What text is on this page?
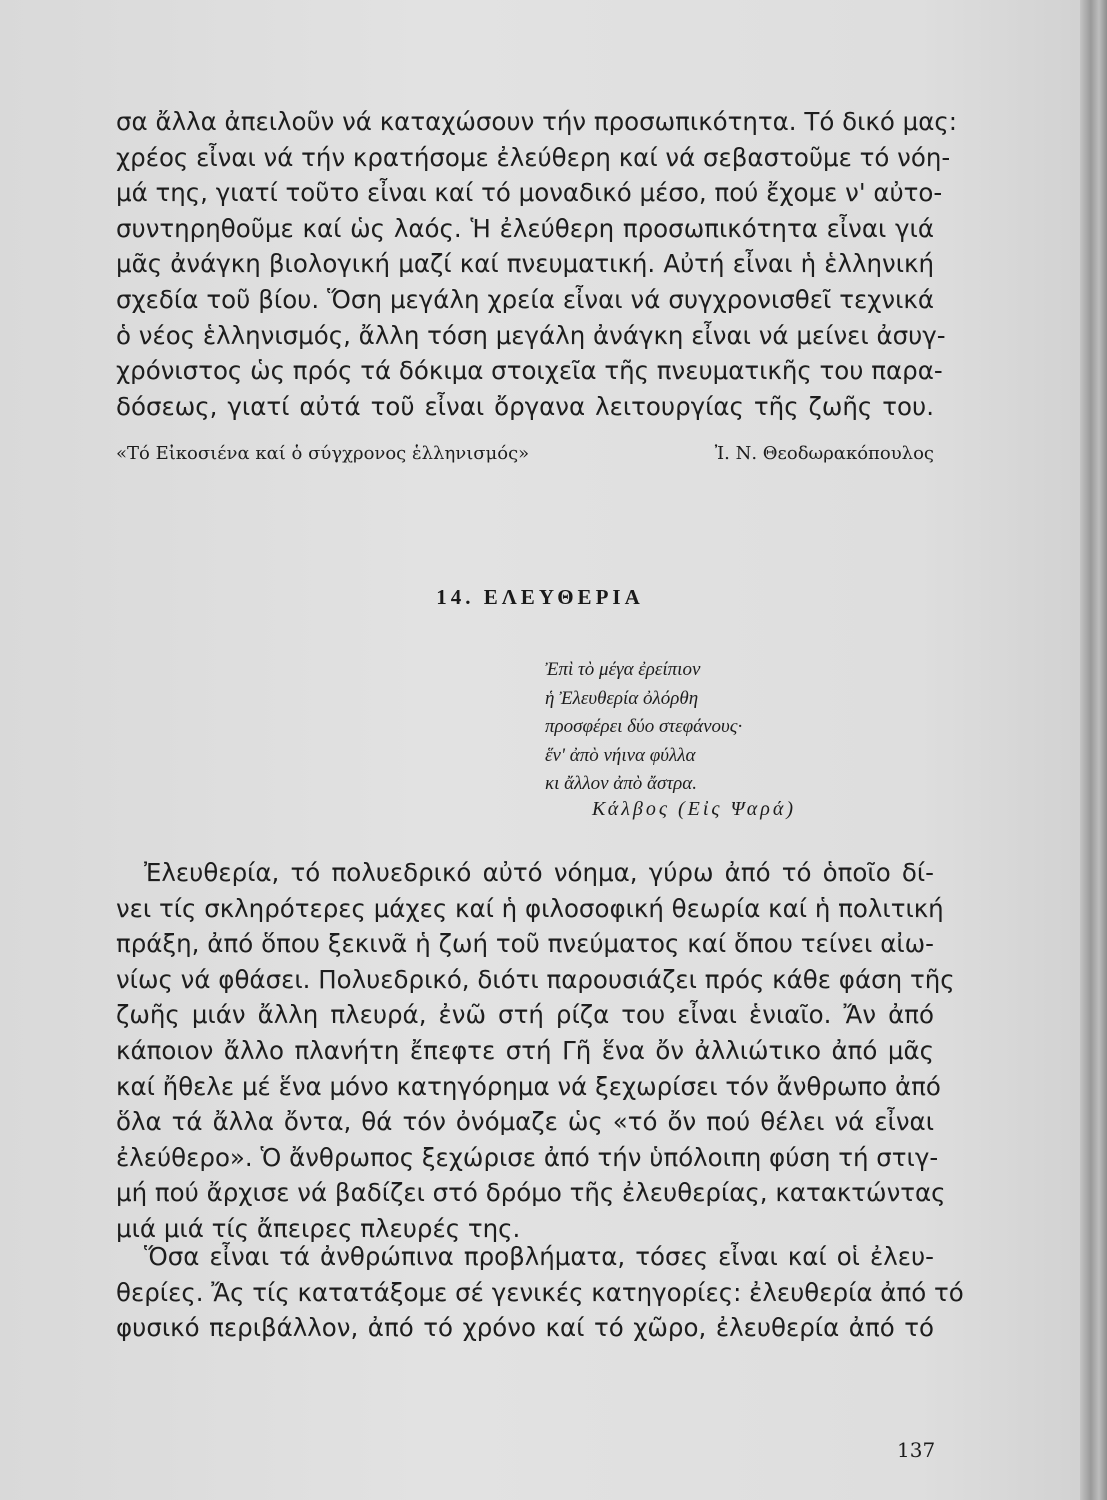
σα ἄλλα ἀπειλοῦν νά καταχώσουν τήν προσωπικότητα. Τό δικό μας:
χρέος εἶναι νά τήν κρατήσομε ἐλεύθερη καί νά σεβαστοῦμε τό νόη-
μά της, γιατί τοῦτο εἶναι καί τό μοναδικό μέσο, πού ἔχομε ν' αὐτο-
συντηρηθοῦμε καί ὡς λαός. Ἡ ἐλεύθερη προσωπικότητα εἶναι γιά
μᾶς ἀνάγκη βιολογική μαζί καί πνευματική. Αὐτή εἶναι ἡ ἑλληνική
σχεδία τοῦ βίου. Ὅση μεγάλη χρεία εἶναι νά συγχρονισθεῖ τεχνικά
ὁ νέος ἑλληνισμός, ἄλλη τόση μεγάλη ἀνάγκη εἶναι νά μείνει ἀσυγ-
χρόνιστος ὡς πρός τά δόκιμα στοιχεῖα τῆς πνευματικῆς του παρα-
δόσεως, γιατί αὐτά τοῦ εἶναι ὄργανα λειτουργίας τῆς ζωῆς του.
«Τό Εἰκοσιένα καί ὁ σύγχρονος ἑλληνισμός»	Ἰ. Ν. Θεοδωρακόπουλος
14. ΕΛΕΥΘΕΡΙΑ
Ἐπὶ τὸ μέγα ἐρείπιον
ἡ Ἐλευθερία ὀλόρθη
προσφέρει δύο στεφάνους·
ἕν' ἀπὸ νήινα φύλλα
κι ἄλλον ἀπὸ ἄστρα.
Κάλβος (Εἰς Ψαρά)
Ἐλευθερία, τό πολυεδρικό αὐτό νόημα, γύρω ἀπό τό ὁποῖο δί-
νει τίς σκληρότερες μάχες καί ἡ φιλοσοφική θεωρία καί ἡ πολιτική
πράξη, ἀπό ὅπου ξεκινᾶ ἡ ζωή τοῦ πνεύματος καί ὅπου τείνει αἰω-
νίως νά φθάσει. Πολυεδρικό, διότι παρουσιάζει πρός κάθε φάση τῆς
ζωῆς μιάν ἄλλη πλευρά, ἐνῶ στή ρίζα του εἶναι ἑνιαῖο. Ἄν ἀπό
κάποιον ἄλλο πλανήτη ἔπεφτε στή Γῆ ἕνα ὄν ἀλλιώτικο ἀπό μᾶς
καί ἤθελε μέ ἕνα μόνο κατηγόρημα νά ξεχωρίσει τόν ἄνθρωπο ἀπό
ὅλα τά ἄλλα ὄντα, θά τόν ὀνόμαζε ὡς «τό ὄν πού θέλει νά εἶναι
ἐλεύθερο». Ὁ ἄνθρωπος ξεχώρισε ἀπό τήν ὑπόλοιπη φύση τή στιγ-
μή πού ἄρχισε νά βαδίζει στό δρόμο τῆς ἐλευθερίας, κατακτώντας
μιά μιά τίς ἄπειρες πλευρές της.
Ὅσα εἶναι τά ἀνθρώπινα προβλήματα, τόσες εἶναι καί οἱ ἐλευ-
θερίες. Ἄς τίς κατατάξομε σέ γενικές κατηγορίες: ἐλευθερία ἀπό τό
φυσικό περιβάλλον, ἀπό τό χρόνο καί τό χῶρο, ἐλευθερία ἀπό τό
137
